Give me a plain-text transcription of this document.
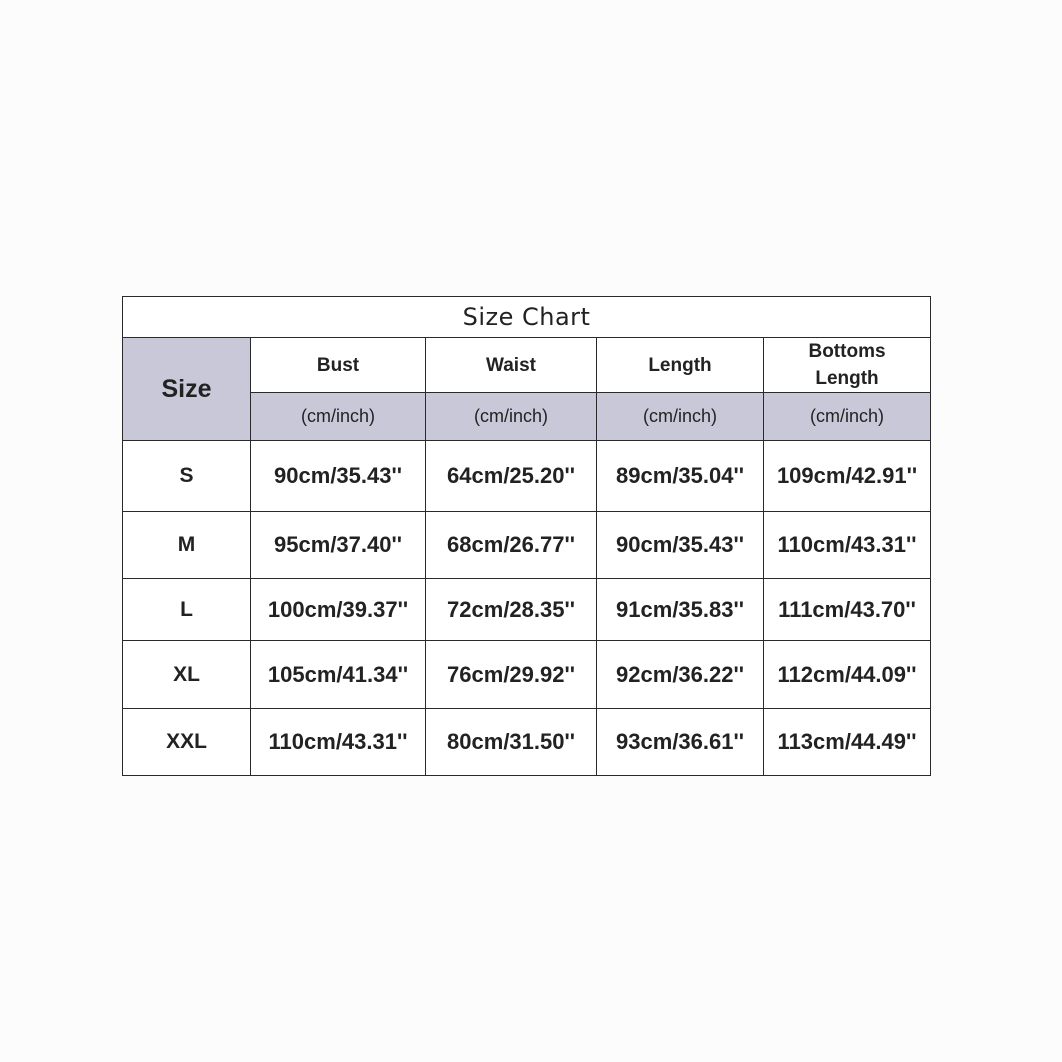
Size Chart				
Size	Bust	Waist	Length	Bottoms Length
	(cm/inch)	(cm/inch)	(cm/inch)	(cm/inch)
S	90cm/35.43''	64cm/25.20''	89cm/35.04''	109cm/42.91''
M	95cm/37.40''	68cm/26.77''	90cm/35.43''	110cm/43.31''
L	100cm/39.37''	72cm/28.35''	91cm/35.83''	111cm/43.70''
XL	105cm/41.34''	76cm/29.92''	92cm/36.22''	112cm/44.09''
XXL	110cm/43.31''	80cm/31.50''	93cm/36.61''	113cm/44.49''
